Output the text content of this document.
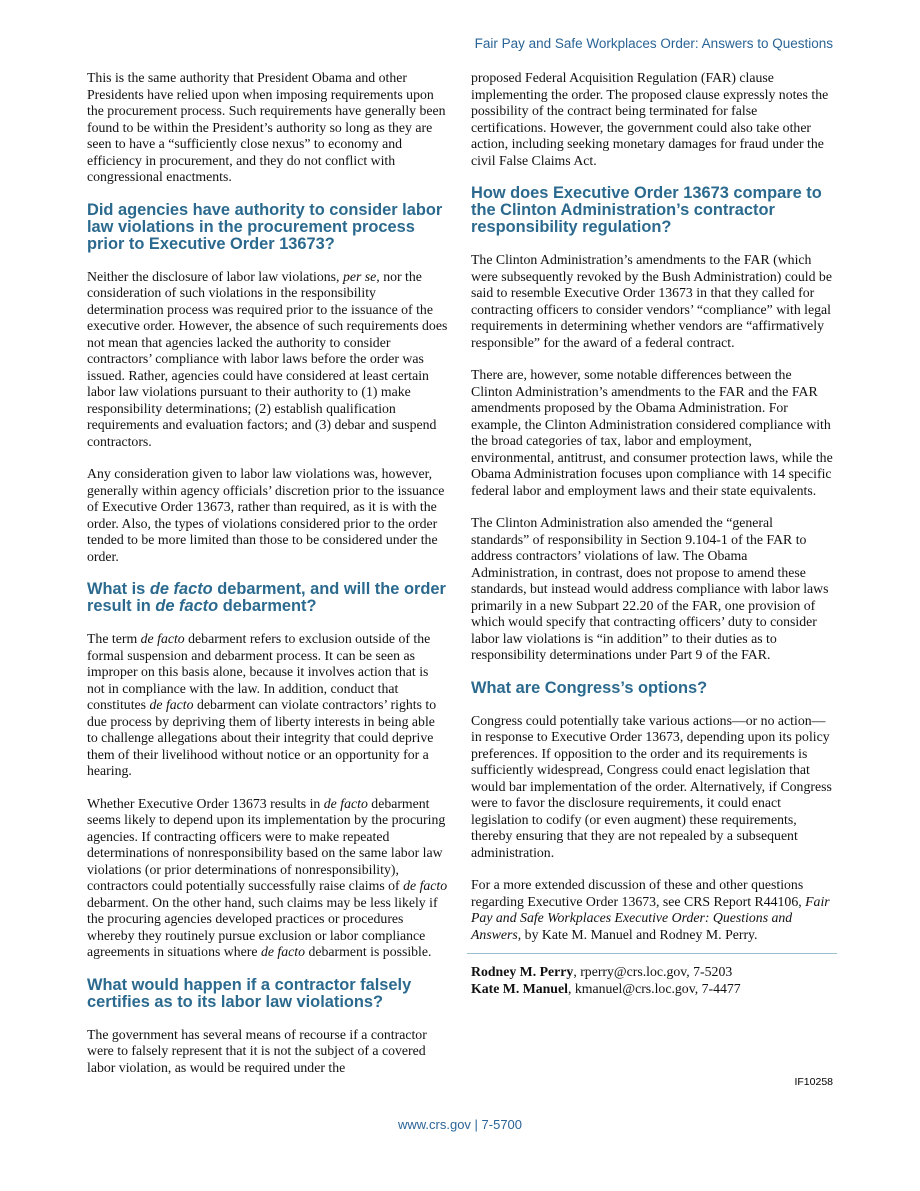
Fair Pay and Safe Workplaces Order: Answers to Questions

This is the same authority that President Obama and other Presidents have relied upon when imposing requirements upon the procurement process. Such requirements have generally been found to be within the President’s authority so long as they are seen to have a “sufficiently close nexus” to economy and efficiency in procurement, and they do not conflict with congressional enactments.

Did agencies have authority to consider labor law violations in the procurement process prior to Executive Order 13673?

Neither the disclosure of labor law violations, per se, nor the consideration of such violations in the responsibility determination process was required prior to the issuance of the executive order. However, the absence of such requirements does not mean that agencies lacked the authority to consider contractors’ compliance with labor laws before the order was issued. Rather, agencies could have considered at least certain labor law violations pursuant to their authority to (1) make responsibility determinations; (2) establish qualification requirements and evaluation factors; and (3) debar and suspend contractors.

Any consideration given to labor law violations was, however, generally within agency officials’ discretion prior to the issuance of Executive Order 13673, rather than required, as it is with the order. Also, the types of violations considered prior to the order tended to be more limited than those to be considered under the order.

What is de facto debarment, and will the order result in de facto debarment?

The term de facto debarment refers to exclusion outside of the formal suspension and debarment process. It can be seen as improper on this basis alone, because it involves action that is not in compliance with the law. In addition, conduct that constitutes de facto debarment can violate contractors’ rights to due process by depriving them of liberty interests in being able to challenge allegations about their integrity that could deprive them of their livelihood without notice or an opportunity for a hearing.

Whether Executive Order 13673 results in de facto debarment seems likely to depend upon its implementation by the procuring agencies. If contracting officers were to make repeated determinations of nonresponsibility based on the same labor law violations (or prior determinations of nonresponsibility), contractors could potentially successfully raise claims of de facto debarment. On the other hand, such claims may be less likely if the procuring agencies developed practices or procedures whereby they routinely pursue exclusion or labor compliance agreements in situations where de facto debarment is possible.

What would happen if a contractor falsely certifies as to its labor law violations?

The government has several means of recourse if a contractor were to falsely represent that it is not the subject of a covered labor violation, as would be required under the

proposed Federal Acquisition Regulation (FAR) clause implementing the order. The proposed clause expressly notes the possibility of the contract being terminated for false certifications. However, the government could also take other action, including seeking monetary damages for fraud under the civil False Claims Act.

How does Executive Order 13673 compare to the Clinton Administration’s contractor responsibility regulation?

The Clinton Administration’s amendments to the FAR (which were subsequently revoked by the Bush Administration) could be said to resemble Executive Order 13673 in that they called for contracting officers to consider vendors’ “compliance” with legal requirements in determining whether vendors are “affirmatively responsible” for the award of a federal contract.

There are, however, some notable differences between the Clinton Administration’s amendments to the FAR and the FAR amendments proposed by the Obama Administration. For example, the Clinton Administration considered compliance with the broad categories of tax, labor and employment, environmental, antitrust, and consumer protection laws, while the Obama Administration focuses upon compliance with 14 specific federal labor and employment laws and their state equivalents.

The Clinton Administration also amended the “general standards” of responsibility in Section 9.104-1 of the FAR to address contractors’ violations of law. The Obama Administration, in contrast, does not propose to amend these standards, but instead would address compliance with labor laws primarily in a new Subpart 22.20 of the FAR, one provision of which would specify that contracting officers’ duty to consider labor law violations is “in addition” to their duties as to responsibility determinations under Part 9 of the FAR.

What are Congress’s options?

Congress could potentially take various actions—or no action—in response to Executive Order 13673, depending upon its policy preferences. If opposition to the order and its requirements is sufficiently widespread, Congress could enact legislation that would bar implementation of the order. Alternatively, if Congress were to favor the disclosure requirements, it could enact legislation to codify (or even augment) these requirements, thereby ensuring that they are not repealed by a subsequent administration.

For a more extended discussion of these and other questions regarding Executive Order 13673, see CRS Report R44106, Fair Pay and Safe Workplaces Executive Order: Questions and Answers, by Kate M. Manuel and Rodney M. Perry.

Rodney M. Perry, rperry@crs.loc.gov, 7-5203
Kate M. Manuel, kmanuel@crs.loc.gov, 7-4477
IF10258
www.crs.gov | 7-5700
